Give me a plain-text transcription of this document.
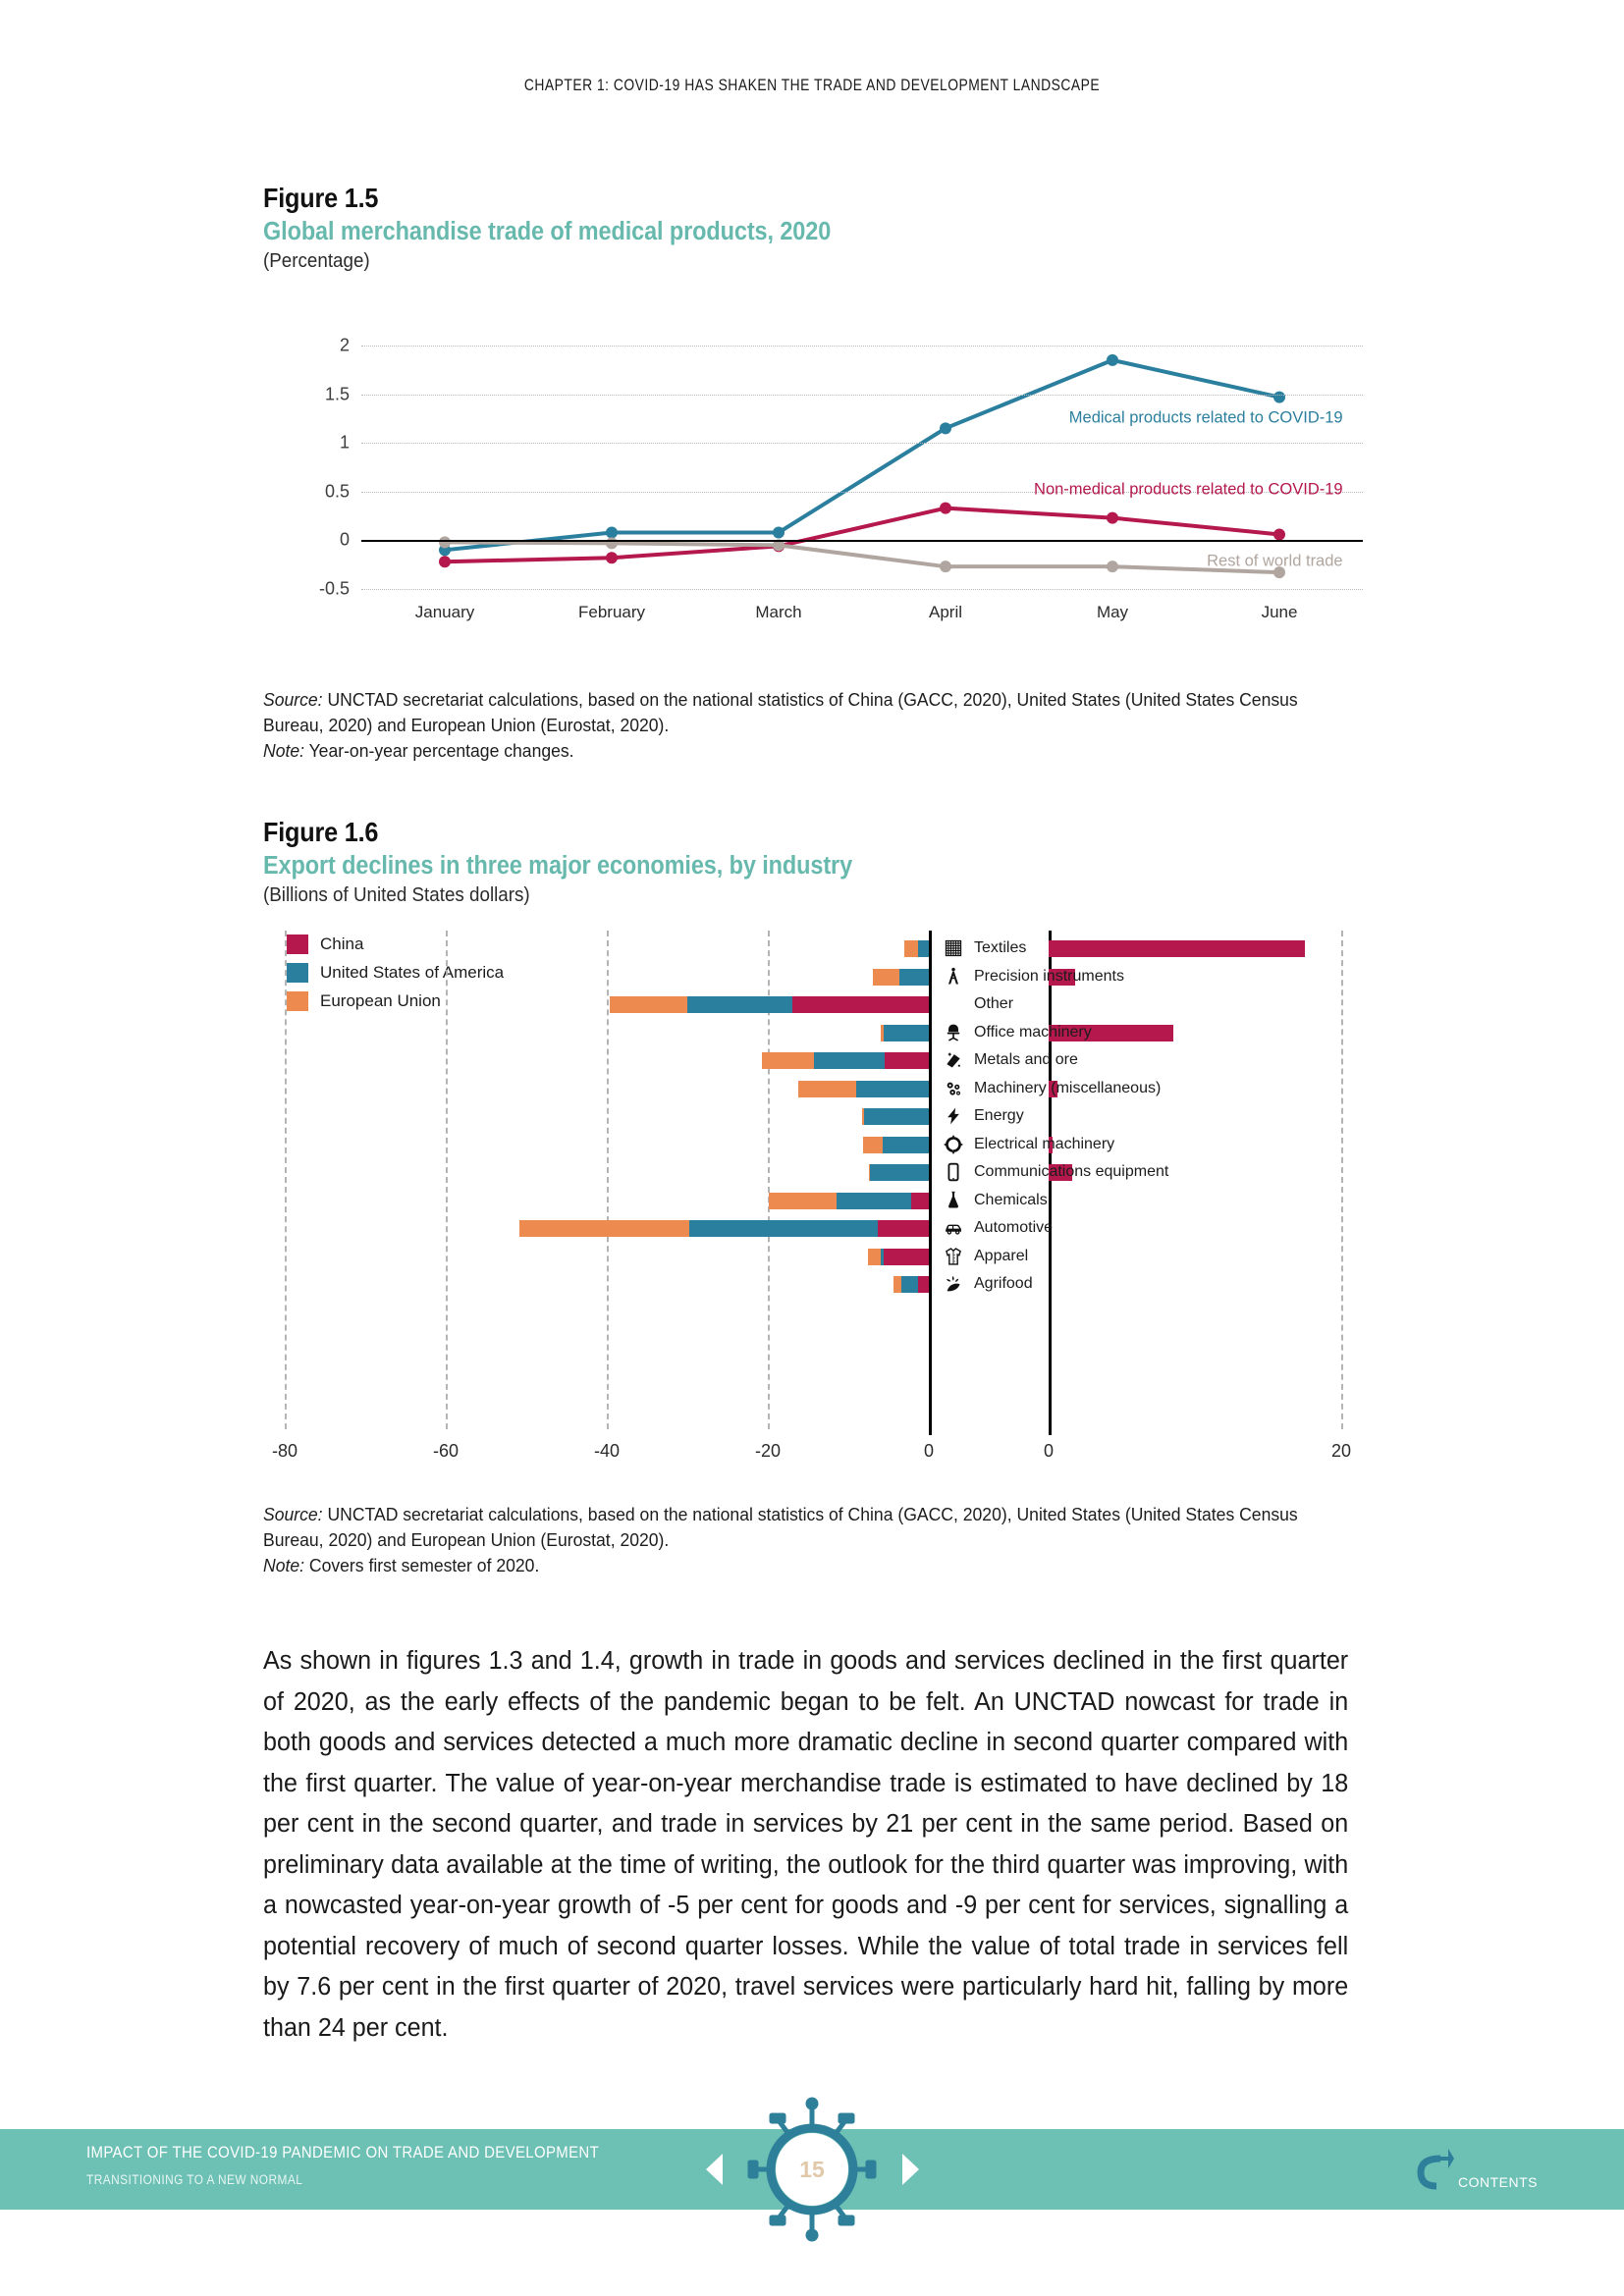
CHAPTER 1: COVID-19 HAS SHAKEN THE TRADE AND DEVELOPMENT LANDSCAPE
Figure 1.5
Global merchandise trade of medical products, 2020
(Percentage)
-0.5
0
0.5
1
1.5
2
January	February	March	April	May	June
Medical products related to COVID-19
Non-medical products related to COVID-19
Rest of world trade
Source: UNCTAD secretariat calculations, based on the national statistics of China (GACC, 2020), United States (United States Census Bureau, 2020) and European Union (Eurostat, 2020).
Note: Year-on-year percentage changes.
Figure 1.6
Export declines in three major economies, by industry
(Billions of United States dollars)
China
United States of America
European Union
-80	-60	-40	-20	0	0	20
Textiles
Precision instruments
Other
Office machinery
Metals and ore
Machinery (miscellaneous)
Energy
Electrical machinery
Communications equipment
Chemicals
Automotive
Apparel
Agrifood
Source: UNCTAD secretariat calculations, based on the national statistics of China (GACC, 2020), United States (United States Census Bureau, 2020) and European Union (Eurostat, 2020).
Note: Covers first semester of 2020.
As shown in figures 1.3 and 1.4, growth in trade in goods and services declined in the first quarter of 2020, as the early effects of the pandemic began to be felt. An UNCTAD nowcast for trade in both goods and services detected a much more dramatic decline in second quarter compared with the first quarter. The value of year-on-year merchandise trade is estimated to have declined by 18 per cent in the second quarter, and trade in services by 21 per cent in the same period. Based on preliminary data available at the time of writing, the outlook for the third quarter was improving, with a nowcasted year-on-year growth of -5 per cent for goods and -9 per cent for services, signalling a potential recovery of much of second quarter losses. While the value of total trade in services fell by 7.6 per cent in the first quarter of 2020, travel services were particularly hard hit, falling by more than 24 per cent.
IMPACT OF THE COVID-19 PANDEMIC ON TRADE AND DEVELOPMENT
TRANSITIONING TO A NEW NORMAL	15	CONTENTS
